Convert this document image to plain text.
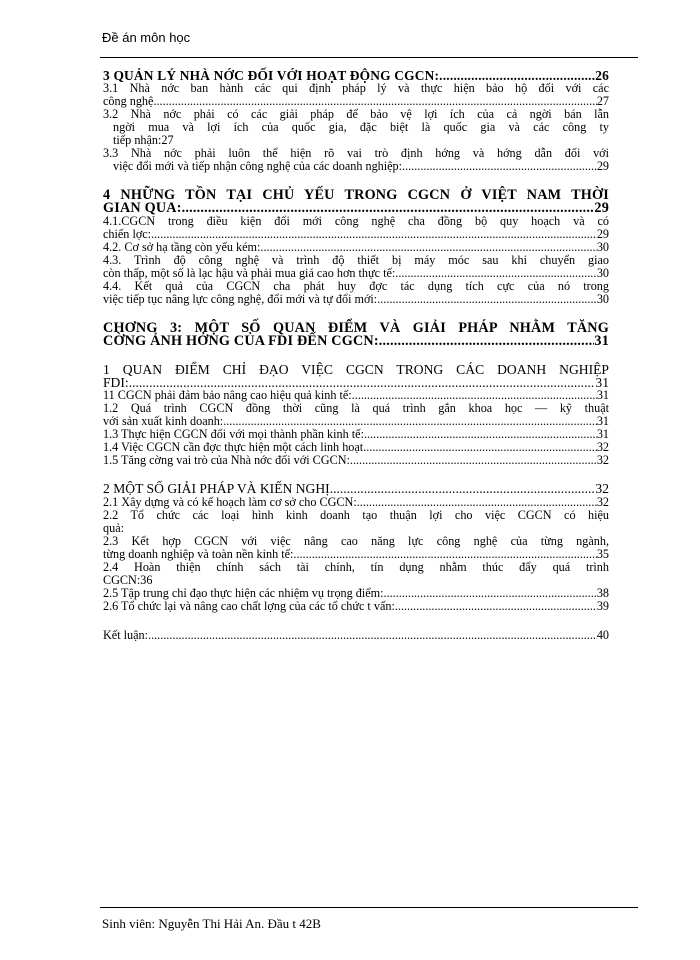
Đề án môn học
3 QUẢN LÝ NHÀ NỚC ĐỐI VỚI HOẠT ĐỘNG CGCN: .....	26
3.1 Nhà nớc ban hành các qui định pháp lý và thực hiện bảo hộ đối với các
công nghệ .....	27
3.2 Nhà nớc phải có các giải pháp để bảo vệ lợi ích của cả ngời bán lẫn
ngời mua và lợi ích của quốc gia, đặc biệt là quốc gia và các công ty
tiếp nhận:27
3.3 Nhà nớc phải luôn thể hiện rõ vai trò định hớng và hớng dẫn đối với
việc đổi mới và tiếp nhận công nghệ của các doanh nghiệp: .....	29
4 NHỮNG TỒN TẠI CHỦ YẾU TRONG CGCN Ở VIỆT NAM THỜI
GIAN QUA: .....	29
4.1.CGCN trong điều kiện đổi mới công nghệ cha đồng bộ quy hoạch và có
chiến lợc: .....	29
4.2. Cơ sở hạ tầng còn yếu kém: .....	30
4.3. Trình độ công nghệ và trình độ thiết bị máy móc sau khi chuyển giao
còn thấp, một số là lạc hậu và phải mua giá cao hơn thực tế: .....	30
4.4. Kết quả của CGCN cha phát huy đợc tác dụng tích cực của nó trong
việc tiếp tục nâng lực công nghệ, đổi mới và tự đổi mới: .....	30
CHƠNG 3: MỘT SỐ QUAN ĐIỂM VÀ GIẢI PHÁP NHẰM TĂNG
CỜNG ẢNH HỞNG CỦA FDI ĐẾN CGCN: .....	31
1 QUAN ĐIỂM CHỈ ĐẠO VIỆC CGCN TRONG CÁC DOANH NGHIỆP
FDI: .....	31
11 CGCN phải đảm bảo nâng cao hiệu quả kinh tế: .....	31
1.2 Quá trình CGCN đồng thời cũng là quá trình gắn khoa học — kỹ thuật
với sản xuất kinh doanh: .....	31
1.3 Thực hiện CGCN đối với mọi thành phần kinh tế: .....	31
1.4 Việc CGCN cần đợc thực hiện một cách linh hoạt .....	32
1.5 Tăng cờng vai trò của Nhà nớc đối với CGCN: .....	32
2 MỘT SỐ GIẢI PHÁP VÀ KIẾN NGHỊ .....	32
2.1 Xây dựng và có kế hoạch làm cơ sở cho CGCN: .....	32
2.2 Tổ chức các loại hình kinh doanh tạo thuận lợi cho việc CGCN có hiệu
quả:
2.3 Kết hợp CGCN với việc nâng cao năng lực công nghệ của từng ngành,
từng doanh nghiệp và toàn nền kinh tế: .....	35
2.4 Hoàn thiện chính sách tài chính, tín dụng nhằm thúc đẩy quá trình
CGCN:36
2.5 Tập trung chỉ đạo thực hiện các nhiệm vụ trọng điểm: .....	38
2.6 Tổ chức lại và nâng cao chất lợng của các tổ chức t vấn: .....	39
Kết luận: .....	40
Sinh viên: Nguyễn Thi Hải An. Đầu t 42B
